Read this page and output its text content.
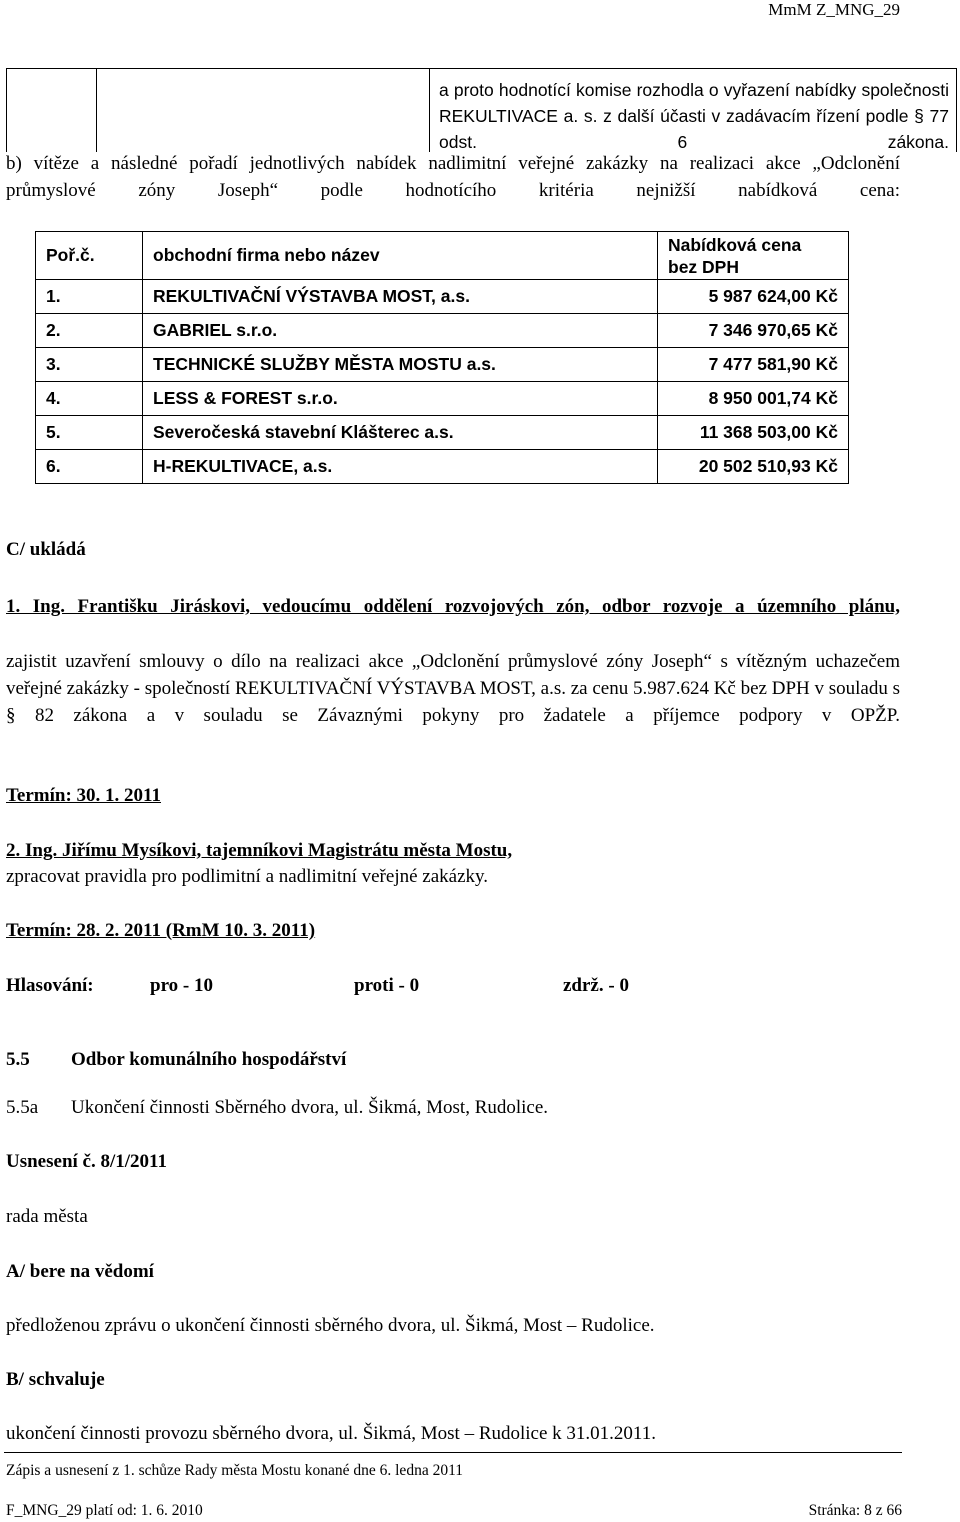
MmM Z_MNG_29
a proto hodnotící komise rozhodla o vyřazení nabídky společnosti REKULTIVACE a. s. z další účasti v zadávacím řízení podle § 77 odst. 6 zákona.
b) vítěze a následné pořadí jednotlivých nabídek nadlimitní veřejné zakázky na realizaci akce „Odclonění průmyslové zóny Joseph“ podle hodnotícího kritéria nejnižší nabídková cena:
Poř.č.	obchodní firma nebo název	Nabídková cena
bez DPH

1.	REKULTIVAČNÍ VÝSTAVBA MOST, a.s.	5 987 624,00 Kč
2.	GABRIEL s.r.o.	7 346 970,65 Kč
3.	TECHNICKÉ SLUŽBY MĚSTA MOSTU a.s.	7 477 581,90 Kč
4.	LESS & FOREST s.r.o.	8 950 001,74 Kč
5.	Severočeská stavební Klášterec a.s.	11 368 503,00 Kč
6.	H-REKULTIVACE, a.s.	20 502 510,93 Kč
C/ ukládá
1. Ing. Františku Jiráskovi, vedoucímu oddělení rozvojových zón, odbor rozvoje a územního plánu,
zajistit uzavření smlouvy o dílo na realizaci akce „Odclonění průmyslové zóny Joseph“ s vítězným uchazečem veřejné zakázky - společností REKULTIVAČNÍ VÝSTAVBA MOST, a.s. za cenu 5.987.624 Kč bez DPH v souladu s § 82 zákona a v souladu se Závaznými pokyny pro žadatele a příjemce podpory v OPŽP.
Termín: 30. 1. 2011
2. Ing. Jiřímu Mysíkovi, tajemníkovi Magistrátu města Mostu,
zpracovat pravidla pro podlimitní a nadlimitní veřejné zakázky.
Termín: 28. 2. 2011 (RmM 10. 3. 2011)
Hlasování:	pro - 10	proti - 0	zdrž. - 0
5.5 Odbor komunálního hospodářství
5.5a Ukončení činnosti Sběrného dvora, ul. Šikmá, Most, Rudolice.
Usnesení č. 8/1/2011
rada města
A/ bere na vědomí
předloženou zprávu o ukončení činnosti sběrného dvora, ul. Šikmá, Most – Rudolice.
B/ schvaluje
ukončení činnosti provozu sběrného dvora, ul. Šikmá, Most – Rudolice k 31.01.2011.
Zápis a usnesení z 1. schůze Rady města Mostu konané dne 6. ledna 2011
F_MNG_29 platí od: 1. 6. 2010	Stránka: 8 z 66
